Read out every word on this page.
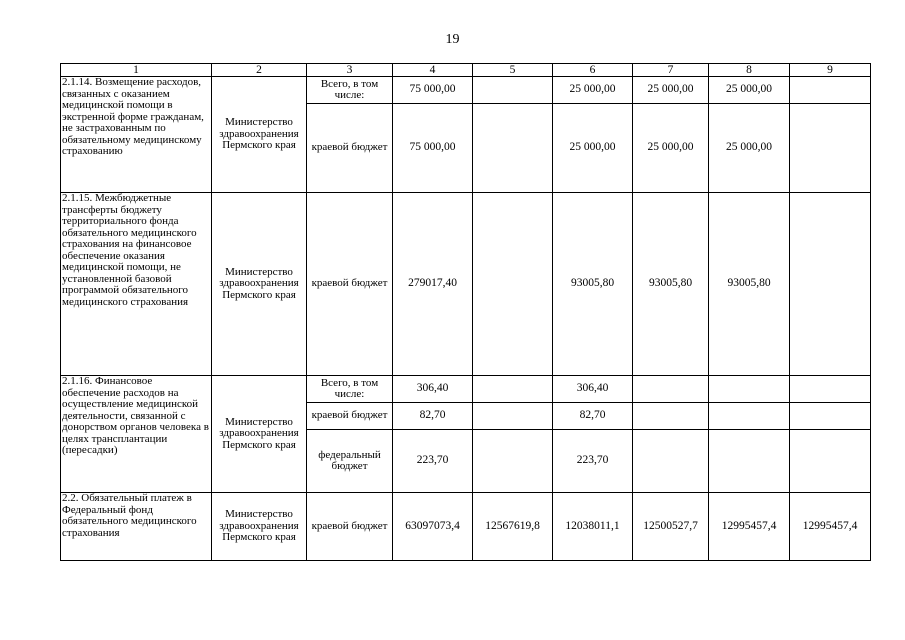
19
1	2	3	4	5	6	7	8	9
2.1.14. Возмещение расходов, связанных с оказанием медицинской помощи в экстренной форме гражданам, не застрахованным по обязательному медицинскому страхованию	Министерство здравоохранения Пермского края	Всего, в том числе:	75 000,00		25 000,00	25 000,00	25 000,00	
		краевой бюджет	75 000,00		25 000,00	25 000,00	25 000,00	
2.1.15. Межбюджетные трансферты бюджету территориального фонда обязательного медицинского страхования на финансовое обеспечение оказания медицинской помощи, не установленной базовой программой обязательного медицинского страхования	Министерство здравоохранения Пермского края	краевой бюджет	279017,40		93005,80	93005,80	93005,80	
2.1.16. Финансовое обеспечение расходов на осуществление медицинской деятельности, связанной с донорством органов человека в целях трансплантации (пересадки)	Министерство здравоохранения Пермского края	Всего, в том числе:	306,40		306,40			
		краевой бюджет	82,70		82,70			
		федеральный бюджет	223,70		223,70			
2.2. Обязательный платеж в Федеральный фонд обязательного медицинского страхования	Министерство здравоохранения Пермского края	краевой бюджет	63097073,4	12567619,8	12038011,1	12500527,7	12995457,4	12995457,4
